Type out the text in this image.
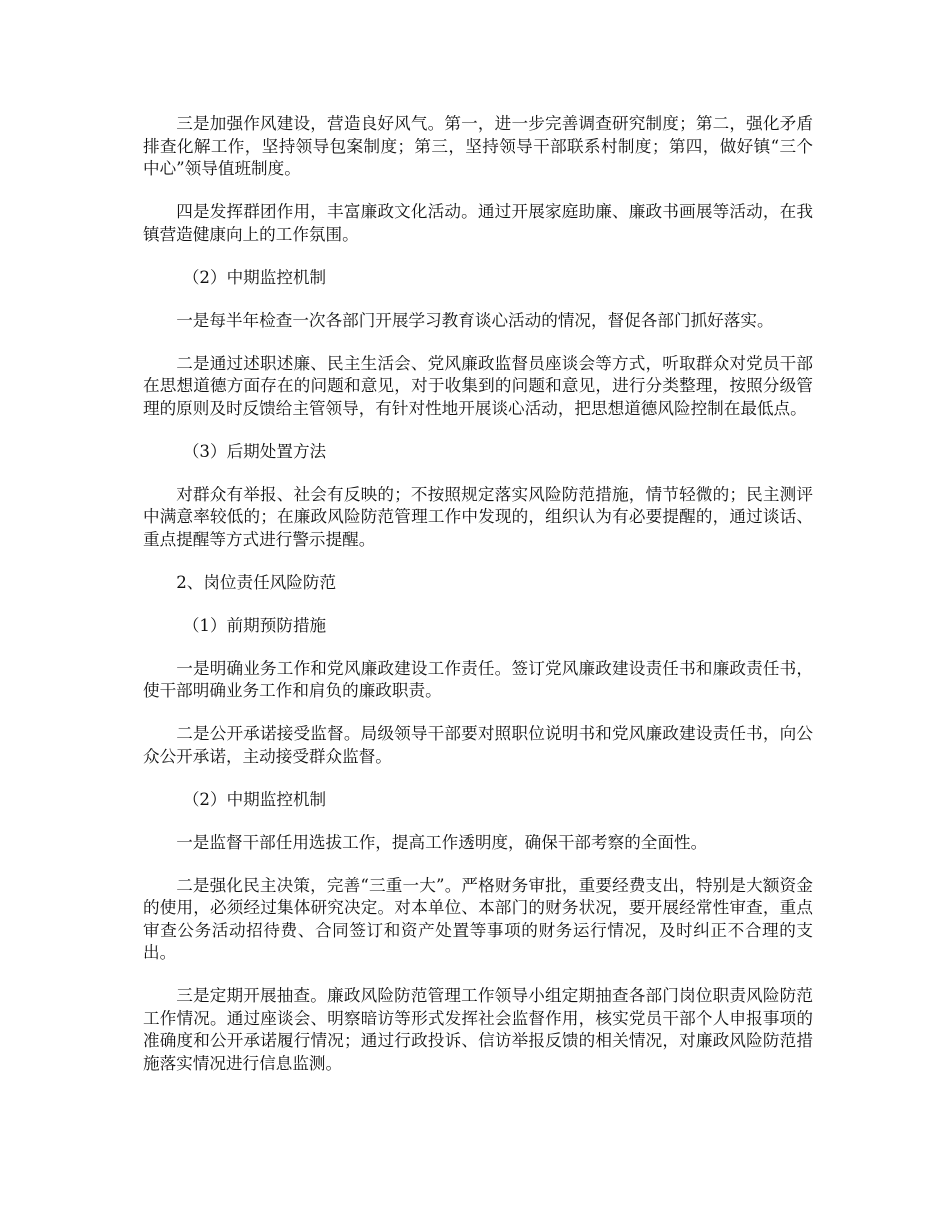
三是加强作风建设，营造良好风气。第一，进一步完善调查研究制度；第二，强化矛盾排查化解工作，坚持领导包案制度；第三，坚持领导干部联系村制度；第四，做好镇“三个中心”领导值班制度。

四是发挥群团作用，丰富廉政文化活动。通过开展家庭助廉、廉政书画展等活动，在我镇营造健康向上的工作氛围。

（2）中期监控机制

一是每半年检查一次各部门开展学习教育谈心活动的情况，督促各部门抓好落实。

二是通过述职述廉、民主生活会、党风廉政监督员座谈会等方式，听取群众对党员干部在思想道德方面存在的问题和意见，对于收集到的问题和意见，进行分类整理，按照分级管理的原则及时反馈给主管领导，有针对性地开展谈心活动，把思想道德风险控制在最低点。

（3）后期处置方法

对群众有举报、社会有反映的；不按照规定落实风险防范措施，情节轻微的；民主测评中满意率较低的；在廉政风险防范管理工作中发现的，组织认为有必要提醒的，通过谈话、重点提醒等方式进行警示提醒。

2、岗位责任风险防范

（1）前期预防措施

一是明确业务工作和党风廉政建设工作责任。签订党风廉政建设责任书和廉政责任书，使干部明确业务工作和肩负的廉政职责。

二是公开承诺接受监督。局级领导干部要对照职位说明书和党风廉政建设责任书，向公众公开承诺，主动接受群众监督。

（2）中期监控机制

一是监督干部任用选拔工作，提高工作透明度，确保干部考察的全面性。

二是强化民主决策，完善“三重一大”。严格财务审批，重要经费支出，特别是大额资金的使用，必须经过集体研究决定。对本单位、本部门的财务状况，要开展经常性审查，重点审查公务活动招待费、合同签订和资产处置等事项的财务运行情况，及时纠正不合理的支出。

三是定期开展抽查。廉政风险防范管理工作领导小组定期抽查各部门岗位职责风险防范工作情况。通过座谈会、明察暗访等形式发挥社会监督作用，核实党员干部个人申报事项的准确度和公开承诺履行情况；通过行政投诉、信访举报反馈的相关情况，对廉政风险防范措施落实情况进行信息监测。
